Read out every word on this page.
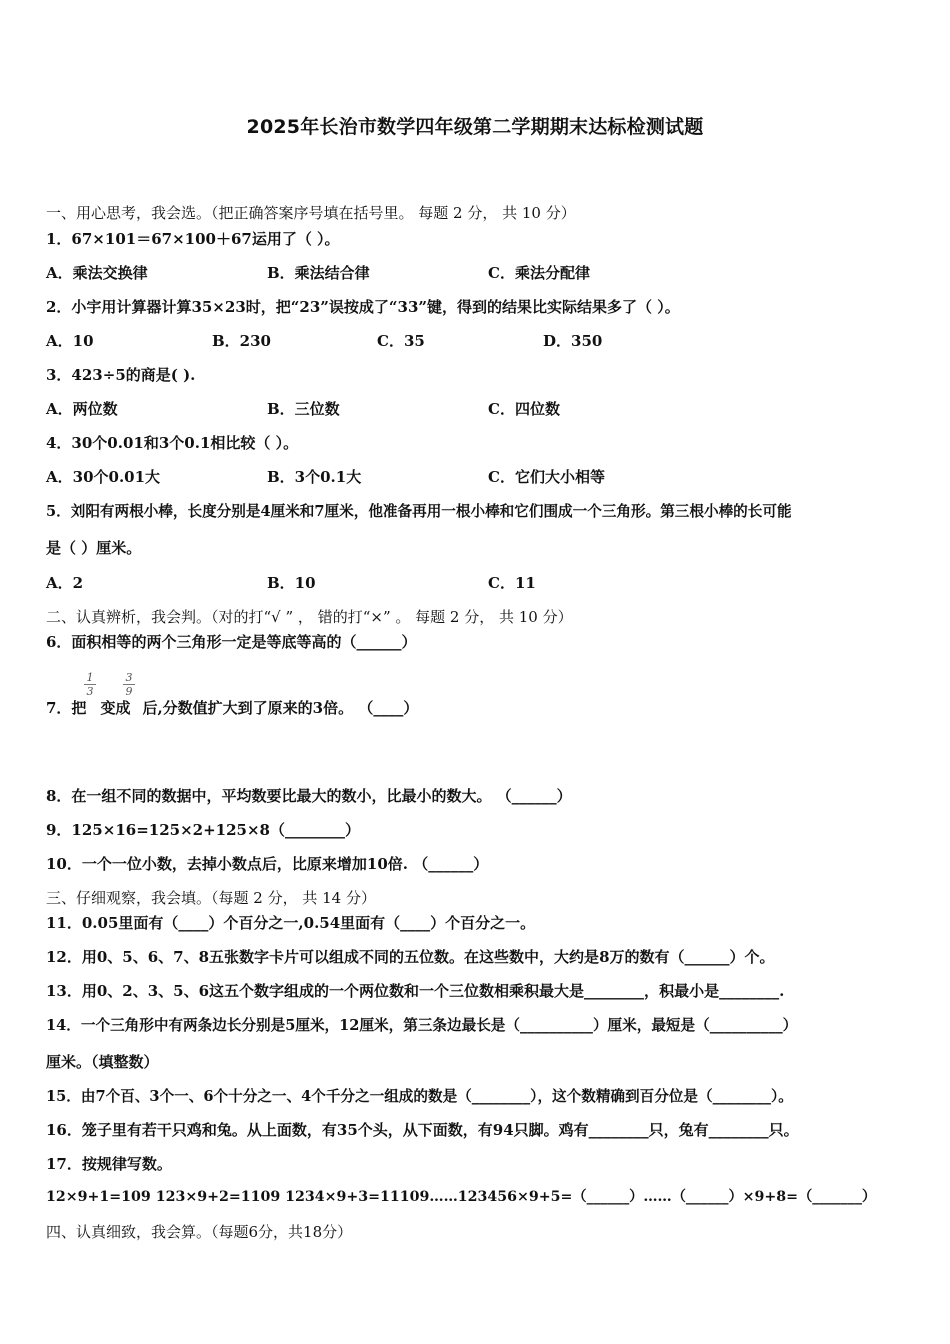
2025年长治市数学四年级第二学期期末达标检测试题
一、用心思考，我会选。（把正确答案序号填在括号里。 每题 2 分， 共 10 分）
1．67×101＝67×100＋67运用了（ ）。
A．乘法交换律	B．乘法结合律	C．乘法分配律
2．小宇用计算器计算35×23时，把“23”误按成了“33”键，得到的结果比实际结果多了（ ）。
A．10	B．230	C．35	D．350
3．423÷5的商是( ).
A．两位数	B．三位数	C．四位数
4．30个0.01和3个0.1相比较（ ）。
A．30个0.01大	B．3个0.1大	C．它们大小相等
5．刘阳有两根小棒，长度分别是4厘米和7厘米，他准备再用一根小棒和它们围成一个三角形。第三根小棒的长可能
是（ ）厘米。
A．2	B．10	C．11
二、认真辨析，我会判。（对的打“√ ” ， 错的打“×” 。 每题 2 分， 共 10 分）
6．面积相等的两个三角形一定是等底等高的（______）
1
3
3
9
7．把 变成 后,分数值扩大到了原来的3倍。 （____）
8．在一组不同的数据中，平均数要比最大的数小，比最小的数大。 （______）
9．125×16=125×2+125×8（________）
10．一个一位小数，去掉小数点后，比原来增加10倍. （______）
三、仔细观察，我会填。（每题 2 分， 共 14 分）
11．0.05里面有（____）个百分之一,0.54里面有（____）个百分之一。
12．用0、5、6、7、8五张数字卡片可以组成不同的五位数。在这些数中，大约是8万的数有（______）个。
13．用0、2、3、5、6这五个数字组成的一个两位数和一个三位数相乘积最大是________，积最小是________.
14．一个三角形中有两条边长分别是5厘米，12厘米，第三条边最长是（__________）厘米，最短是（__________）
厘米。（填整数）
15．由7个百、3个一、6个十分之一、4个千分之一组成的数是（________），这个数精确到百分位是（________）。
16．笼子里有若干只鸡和兔。从上面数，有35个头，从下面数，有94只脚。鸡有________只，兔有________只。
17．按规律写数。
12×9+1=109 123×9+2=1109 1234×9+3=11109……123456×9+5=（______）……（______）×9+8=（_______）
四、认真细致，我会算。（每题6分，共18分）
